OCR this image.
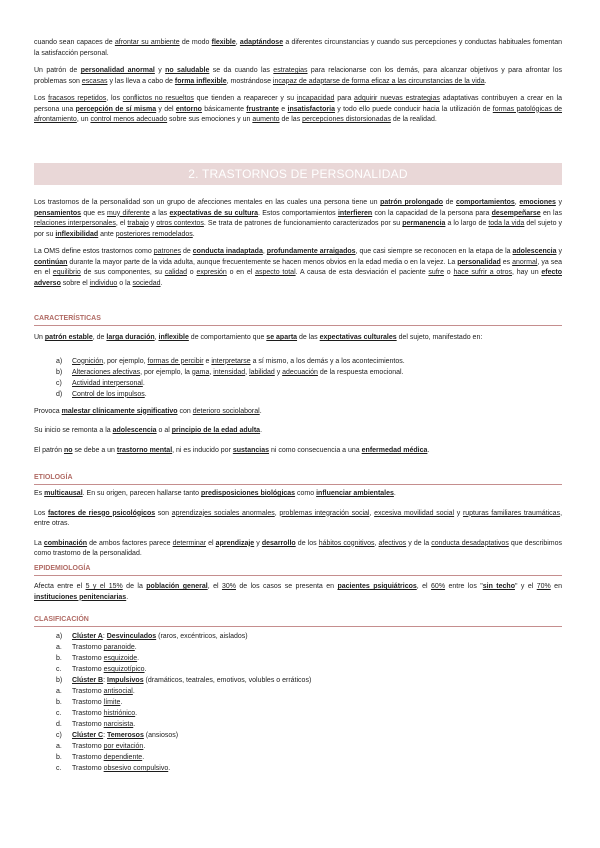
cuando sean capaces de afrontar su ambiente de modo flexible, adaptándose a diferentes circunstancias y cuando sus percepciones y conductas habituales fomentan la satisfacción personal.

Un patrón de personalidad anormal y no saludable se da cuando las estrategias para relacionarse con los demás, para alcanzar objetivos y para afrontar los problemas son escasas y las lleva a cabo de forma inflexible, mostrándose incapaz de adaptarse de forma eficaz a las circunstancias de la vida.

Los fracasos repetidos, los conflictos no resueltos que tienden a reaparecer y su incapacidad para adquirir nuevas estrategias adaptativas contribuyen a crear en la persona una percepción de sí misma y del entorno básicamente frustrante e insatisfactoria y todo ello puede conducir hacia la utilización de formas patológicas de afrontamiento, un control menos adecuado sobre sus emociones y un aumento de las percepciones distorsionadas de la realidad.

2. TRASTORNOS DE PERSONALIDAD

Los trastornos de la personalidad son un grupo de afecciones mentales en las cuales una persona tiene un patrón prolongado de comportamientos, emociones y pensamientos que es muy diferente a las expectativas de su cultura. Estos comportamientos interfieren con la capacidad de la persona para desempeñarse en las relaciones interpersonales, el trabajo y otros contextos. Se trata de patrones de funcionamiento caracterizados por su permanencia a lo largo de toda la vida del sujeto y por su inflexibilidad ante posteriores remodelados.

La OMS define estos trastornos como patrones de conducta inadaptada, profundamente arraigados, que casi siempre se reconocen en la etapa de la adolescencia y continúan durante la mayor parte de la vida adulta, aunque frecuentemente se hacen menos obvios en la edad media o en la vejez. La personalidad es anormal, ya sea en el equilibrio de sus componentes, su calidad o expresión o en el aspecto total. A causa de esta desviación el paciente sufre o hace sufrir a otros, hay un efecto adverso sobre el individuo o la sociedad.

CARACTERÍSTICAS

Un patrón estable, de larga duración, inflexible de comportamiento que se aparta de las expectativas culturales del sujeto, manifestado en:

a) Cognición, por ejemplo, formas de percibir e interpretarse a sí mismo, a los demás y a los acontecimientos.
b) Alteraciones afectivas, por ejemplo, la gama, intensidad, labilidad y adecuación de la respuesta emocional.
c) Actividad interpersonal.
d) Control de los impulsos.

Provoca malestar clínicamente significativo con deterioro sociolaboral.

Su inicio se remonta a la adolescencia o al principio de la edad adulta.

El patrón no se debe a un trastorno mental, ni es inducido por sustancias ni como consecuencia a una enfermedad médica.

ETIOLOGÍA

Es multicausal. En su origen, parecen hallarse tanto predisposiciones biológicas como influenciar ambientales.

Los factores de riesgo psicológicos son aprendizajes sociales anormales, problemas integración social, excesiva movilidad social y rupturas familiares traumáticas, entre otras.

La combinación de ambos factores parece determinar el aprendizaje y desarrollo de los hábitos cognitivos, afectivos y de la conducta desadaptativos que describimos como trastorno de la personalidad.

EPIDEMIOLOGÍA

Afecta entre el 5 y el 15% de la población general, el 30% de los casos se presenta en pacientes psiquiátricos, el 60% entre los "sin techo" y el 70% en instituciones penitenciarias.

CLASIFICACIÓN
a) Clúster A: Desvinculados (raros, excéntricos, aislados)
a. Trastorno paranoide.
b. Trastorno esquizoide.
c. Trastorno esquizotípico.
b) Clúster B: Impulsivos (dramáticos, teatrales, emotivos, volubles o erráticos)
a. Trastorno antisocial.
b. Trastorno límite.
c. Trastorno histriónico.
d. Trastorno narcisista.
c) Clúster C: Temerosos (ansiosos)
a. Trastorno por evitación.
b. Trastorno dependiente.
c. Trastorno obsesivo compulsivo.
